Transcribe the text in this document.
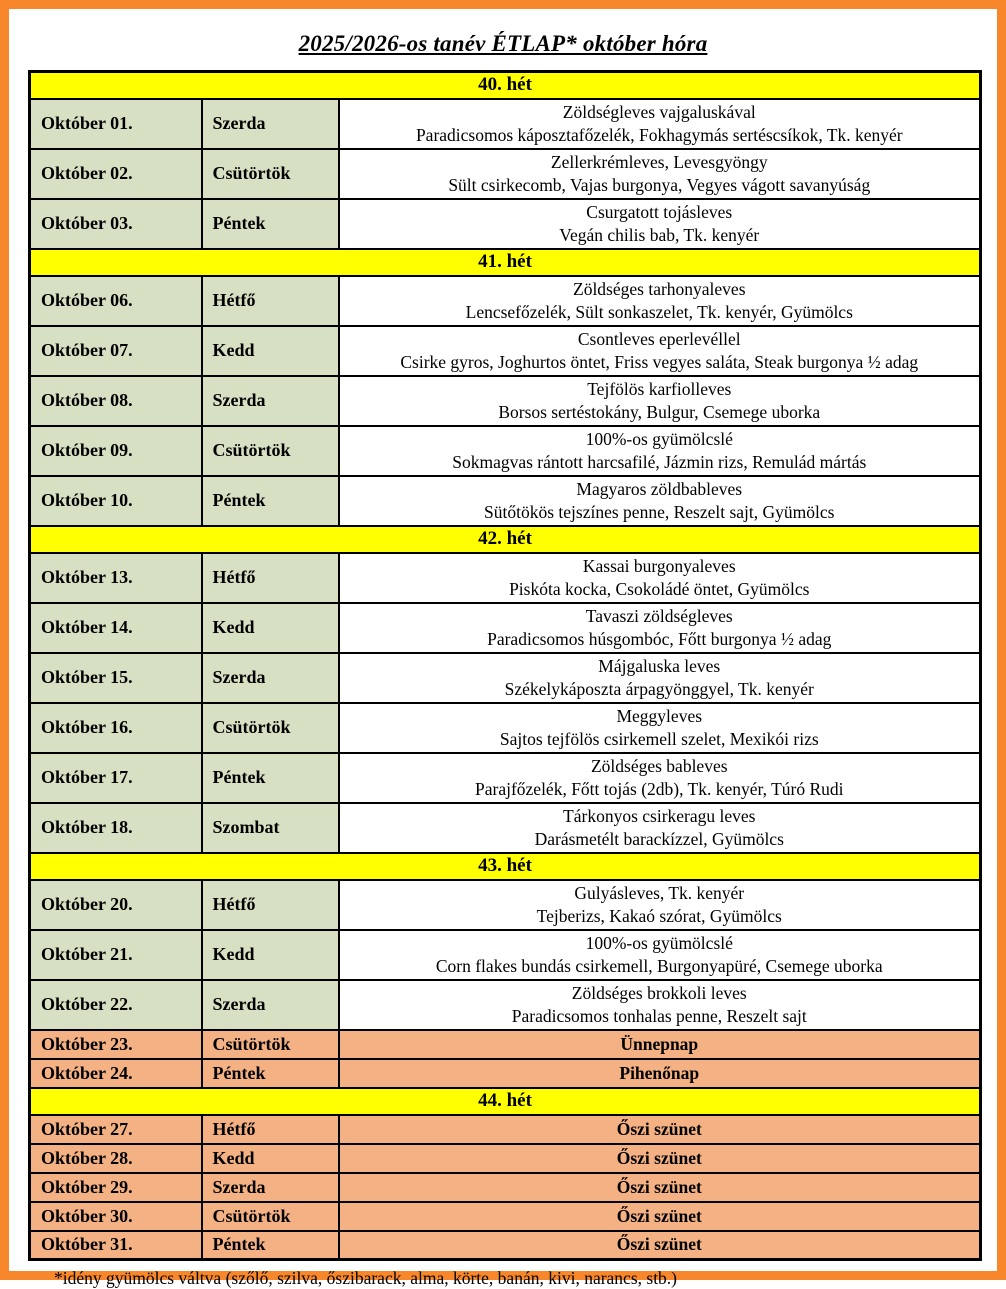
2025/2026-os tanév ÉTLAP* október hóra
40. hét		
Október 01.	Szerda	Zöldségleves vajgaluskával
Paradicsomos káposztafőzelék, Fokhagymás sertéscsíkok, Tk. kenyér

Október 02.	Csütörtök	Zellerkrémleves, Levesgyöngy
Sült csirkecomb, Vajas burgonya, Vegyes vágott savanyúság

Október 03.	Péntek	Csurgatott tojásleves
Vegán chilis bab, Tk. kenyér

41. hét		
Október 06.	Hétfő	Zöldséges tarhonyaleves
Lencsefőzelék, Sült sonkaszelet, Tk. kenyér, Gyümölcs

Október 07.	Kedd	Csontleves eperlevéllel
Csirke gyros, Joghurtos öntet, Friss vegyes saláta, Steak burgonya ½ adag

Október 08.	Szerda	Tejfölös karfiolleves
Borsos sertéstokány, Bulgur, Csemege uborka

Október 09.	Csütörtök	100%-os gyümölcslé
Sokmagvas rántott harcsafilé, Jázmin rizs, Remulád mártás

Október 10.	Péntek	Magyaros zöldbableves
Sütőtökös tejszínes penne, Reszelt sajt, Gyümölcs

42. hét		
Október 13.	Hétfő	Kassai burgonyaleves
Piskóta kocka, Csokoládé öntet, Gyümölcs

Október 14.	Kedd	Tavaszi zöldségleves
Paradicsomos húsgombóc, Főtt burgonya ½ adag

Október 15.	Szerda	Májgaluska leves
Székelykáposzta árpagyönggyel, Tk. kenyér

Október 16.	Csütörtök	Meggyleves
Sajtos tejfölös csirkemell szelet, Mexikói rizs

Október 17.	Péntek	Zöldséges bableves
Parajfőzelék, Főtt tojás (2db), Tk. kenyér, Túró Rudi

Október 18.	Szombat	Tárkonyos csirkeragu leves
Darásmetélt barackízzel, Gyümölcs

43. hét		
Október 20.	Hétfő	Gulyásleves, Tk. kenyér
Tejberizs, Kakaó szórat, Gyümölcs

Október 21.	Kedd	100%-os gyümölcslé
Corn flakes bundás csirkemell, Burgonyapüré, Csemege uborka

Október 22.	Szerda	Zöldséges brokkoli leves
Paradicsomos tonhalas penne, Reszelt sajt

Október 23.	Csütörtök	Ünnepnap
Október 24.	Péntek	Pihenőnap
44. hét		
Október 27.	Hétfő	Őszi szünet
Október 28.	Kedd	Őszi szünet
Október 29.	Szerda	Őszi szünet
Október 30.	Csütörtök	Őszi szünet
Október 31.	Péntek	Őszi szünet
*idény gyümölcs váltva (szőlő, szilva, őszibarack, alma, körte, banán, kivi, narancs, stb.)
